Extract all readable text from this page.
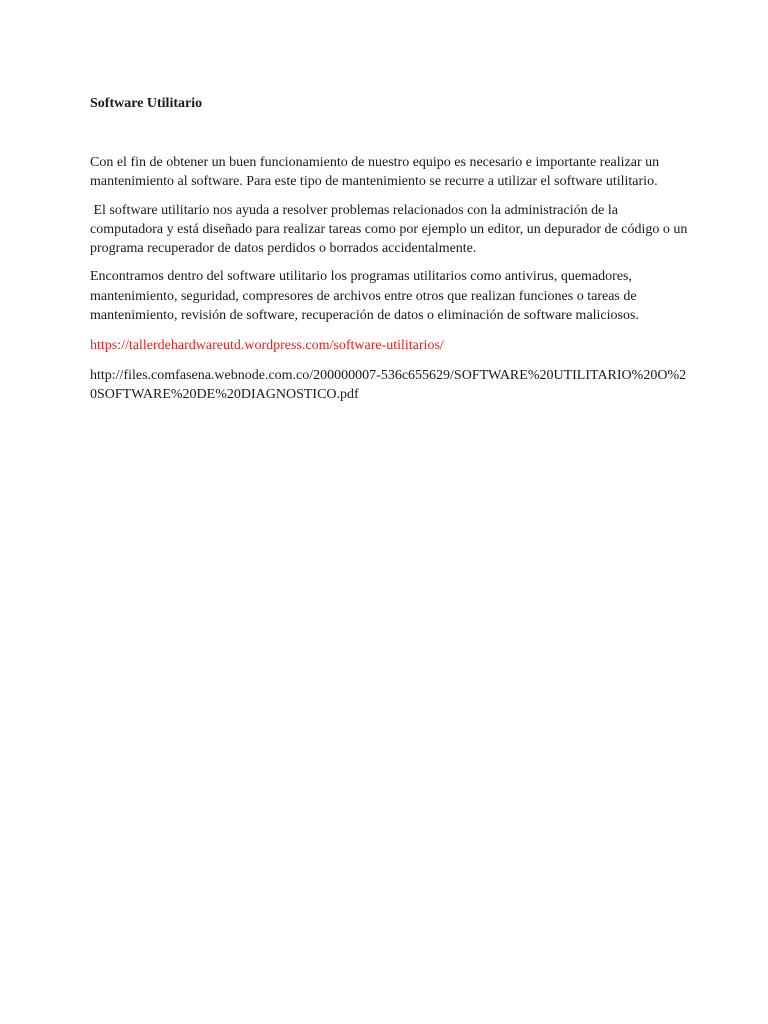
Software Utilitario

Con el fin de obtener un buen funcionamiento de nuestro equipo es necesario e importante realizar un mantenimiento al software. Para este tipo de mantenimiento se recurre a utilizar el software utilitario.

El software utilitario nos ayuda a resolver problemas relacionados con la administración de la computadora y está diseñado para realizar tareas como por ejemplo un editor, un depurador de código o un programa recuperador de datos perdidos o borrados accidentalmente.

Encontramos dentro del software utilitario los programas utilitarios como antivirus, quemadores, mantenimiento, seguridad, compresores de archivos entre otros que realizan funciones o tareas de mantenimiento, revisión de software, recuperación de datos o eliminación de software maliciosos.

https://tallerdehardwareutd.wordpress.com/software-utilitarios/
http://files.comfasena.webnode.com.co/200000007-536c655629/SOFTWARE%20UTILITARIO%20O%20SOFTWARE%20DE%20DIAGNOSTICO.pdf
